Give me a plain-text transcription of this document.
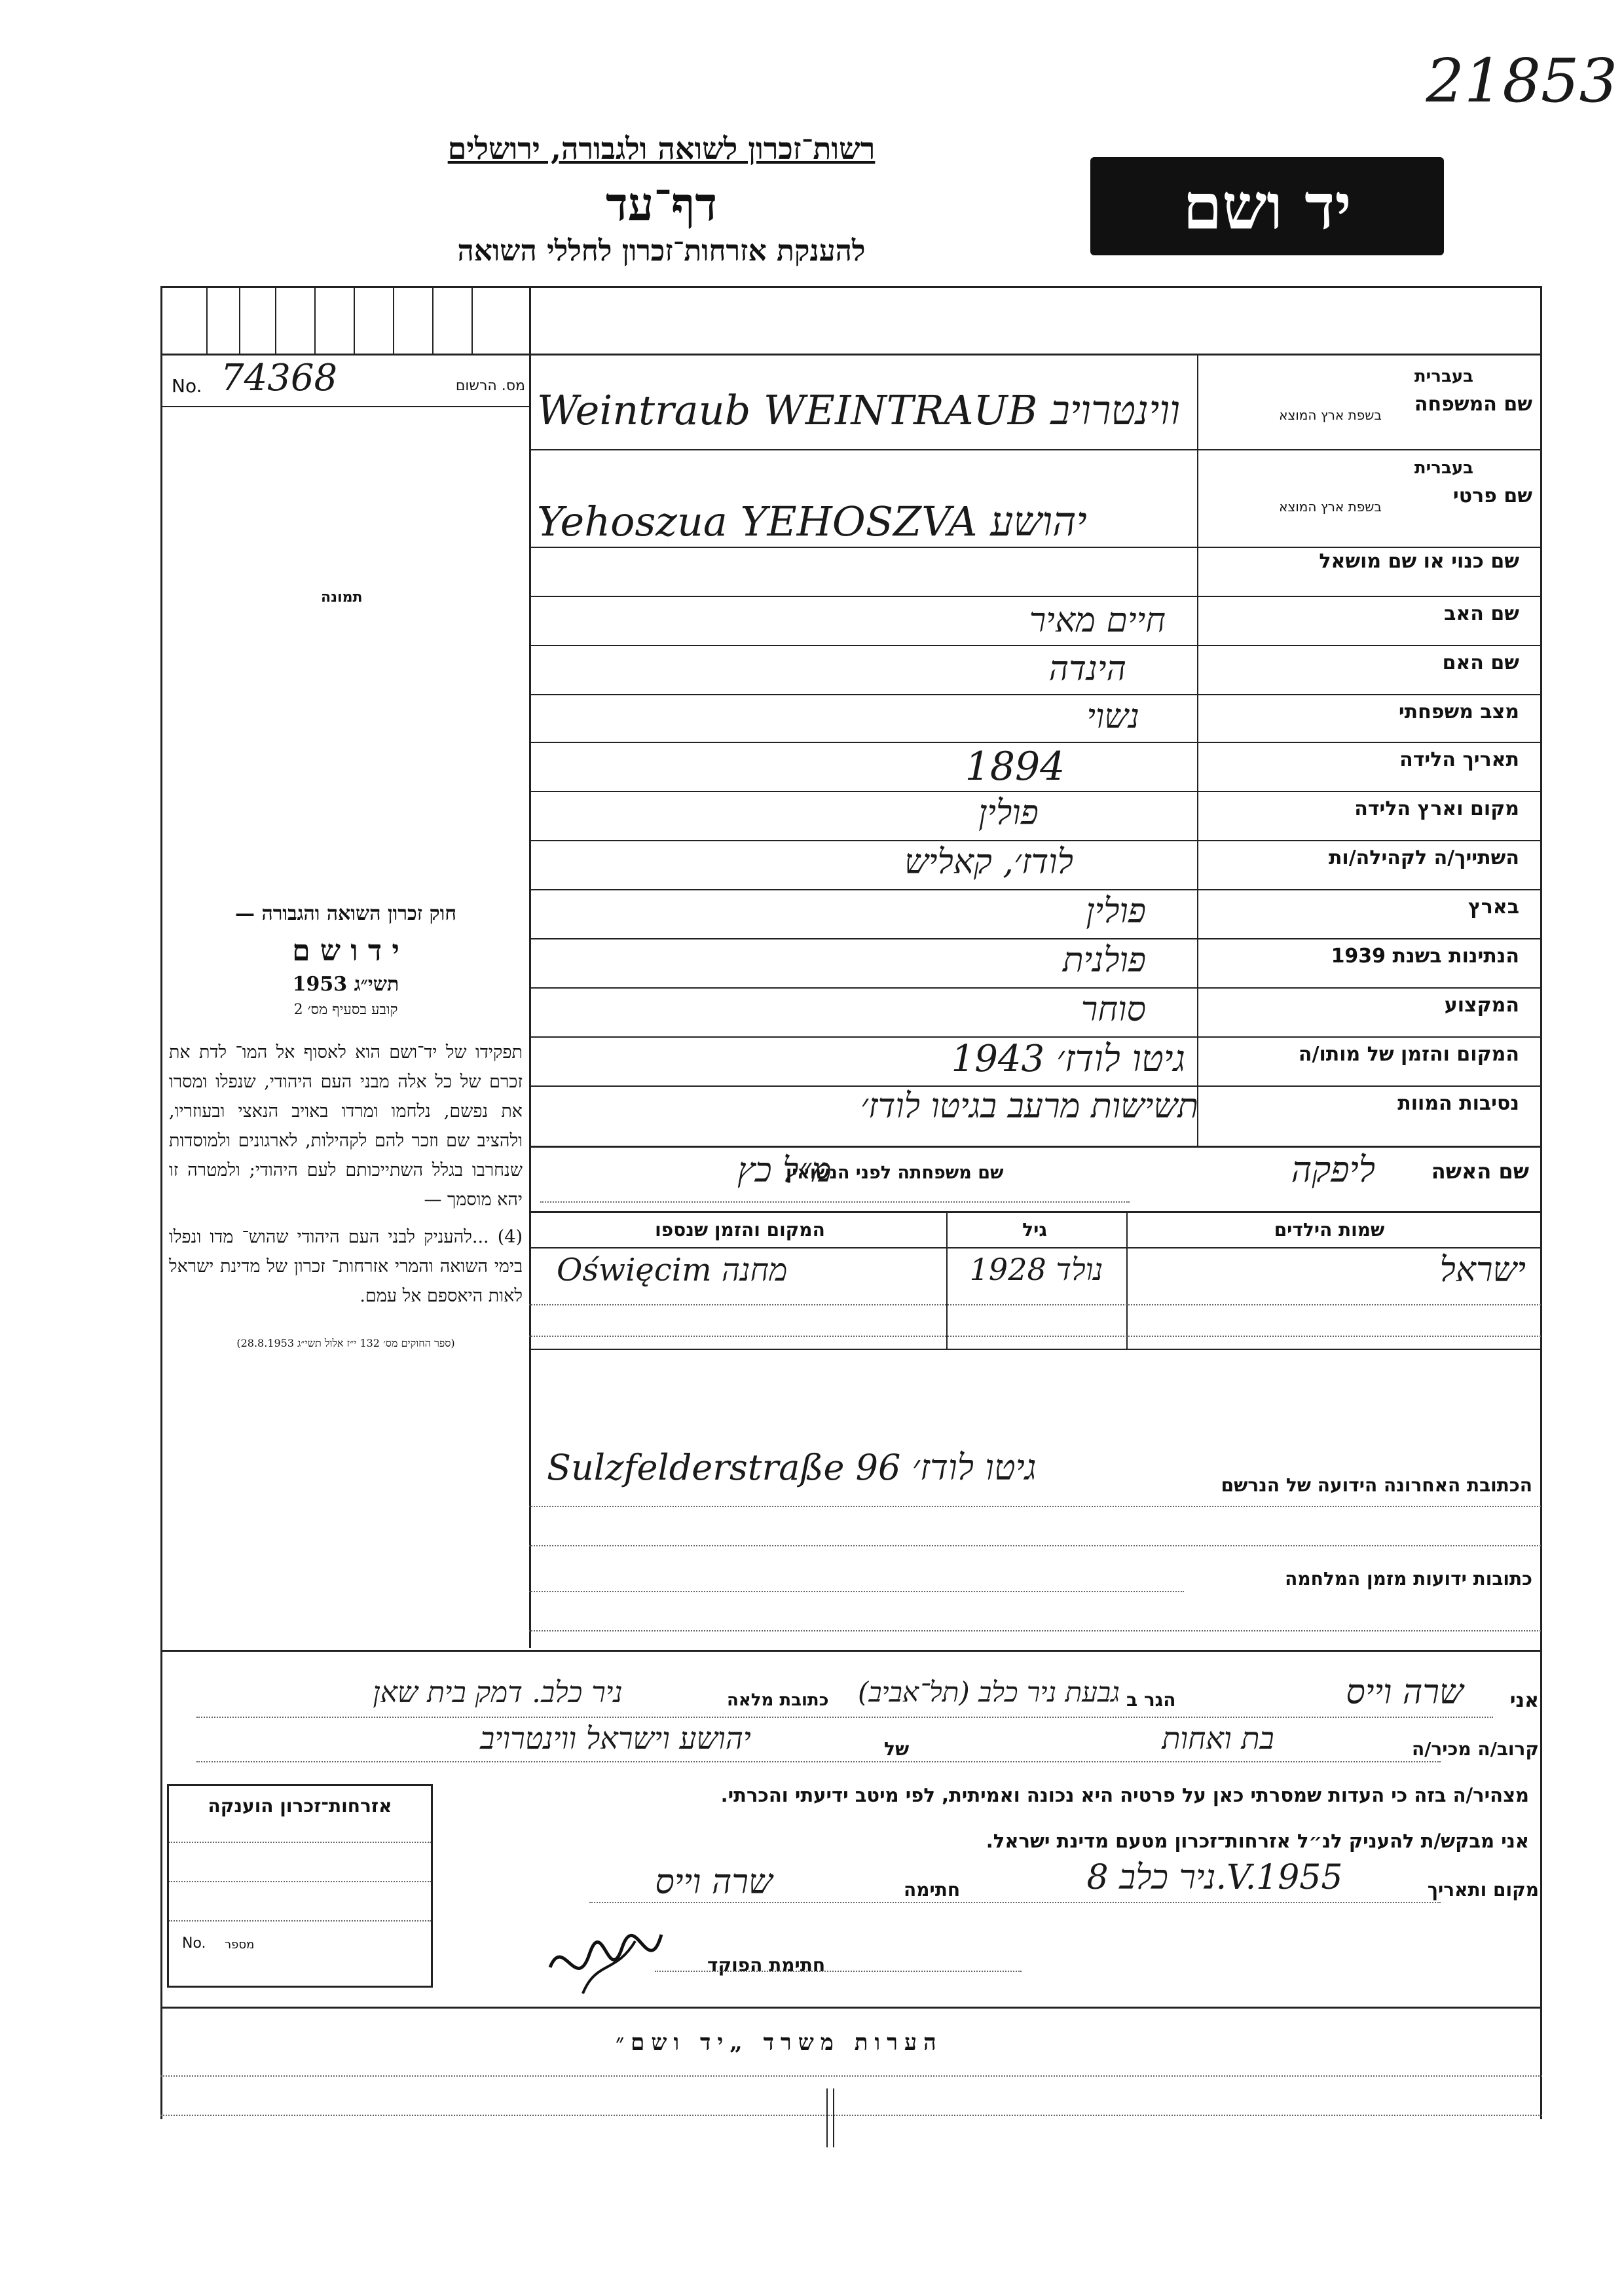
21853
רשות־זכרון לשואה ולגבורה, ירושלים
דף־עד
להענקת אזרחות־זכרון לחללי השואה
יד ושם
No. 74368	מס. הרשום
תמונה
חוק זכרון השואה והגבורה —
י ד ו ש ם
תשי״ג 1953
קובע בסעיף מס׳ 2
תפקידו של יד־ושם הוא לאסוף אל המו־ לדת את זכרם של כל אלה מבני העם היהודי, שנפלו ומסרו את נפשם, נלחמו ומרדו באויב הנאצי ובעוזריו, ולהציב שם וזכר להם לקהילות, לארגונים ולמוסדות שנחרבו בגלל השתייכותם לעם היהודי; ולמטרה זו יהא מוסמך —
(4) ...להעניק לבני העם היהודי שהוש־ מדו ונפלו בימי השואה והמרי אזרחות־ זכרון של מדינת ישראל לאות היאספם אל עמם.
(ספר החוקים מס׳ 132 י״ז אלול תשי״ג 28.8.1953)
בעברית
שם המשפחה
בשפת ארץ המוצא
Weintraub WEINTRAUB ווינטרויב
בעברית
שם פרטי
בשפת ארץ המוצא
Yehoszua YEHOSZVA יהושע
שם כנוי או שם מושאל
שם האב
חיים מאיר
שם האם
הינדה
מצב משפחתי
נשוי
תאריך הלידה
1894
מקום וארץ הלידה
פולין
השתייך/ה לקהילה/ות
לודז׳, קאליש
בארץ
פולין
הנתינות בשנת 1939
פולנית
המקצוע
סוחר
המקום והזמן של מותו/ה
גיטו לודז׳ 1943
נסיבות המוות
תשישות מרעב בגיטו לודז׳
שם האשה
ליפקה
שם משפחתה לפני הנשואין
מ״ל כץ
שמות הילדים
גיל
המקום והזמן שנספו
ישראל
נולד 1928
Oświęcim מחנה
Sulzfelderstraße 96 גיטו לודז׳	הכתובת האחרונה הידועה של הנרשם
כתובות ידועות מזמן המלחמה
אני
שרה וייס
הגר ב
גבעת ניר כלב (תל־אביב)
כתובת מלאה
ניר כלב. דמק בית שאן
קרוב/ה מכיר/ה
בת ואחות
של
יהושע וישראל ווינטרויב
מצהיר/ה בזה כי העדות שמסרתי כאן על פרטיה היא נכונה ואמיתית, לפי מיטב ידיעתי והכרתי.
אני מבקש/ת להעניק לנ״ל אזרחות־זכרון מטעם מדינת ישראל.
מקום ותאריך
ניר כלב 8.V.1955
חתימה
שרה וייס
חתימת הפוקד
אזרחות־זכרון הוענקה
No. מספר
הערות משרד „יד ושם״
